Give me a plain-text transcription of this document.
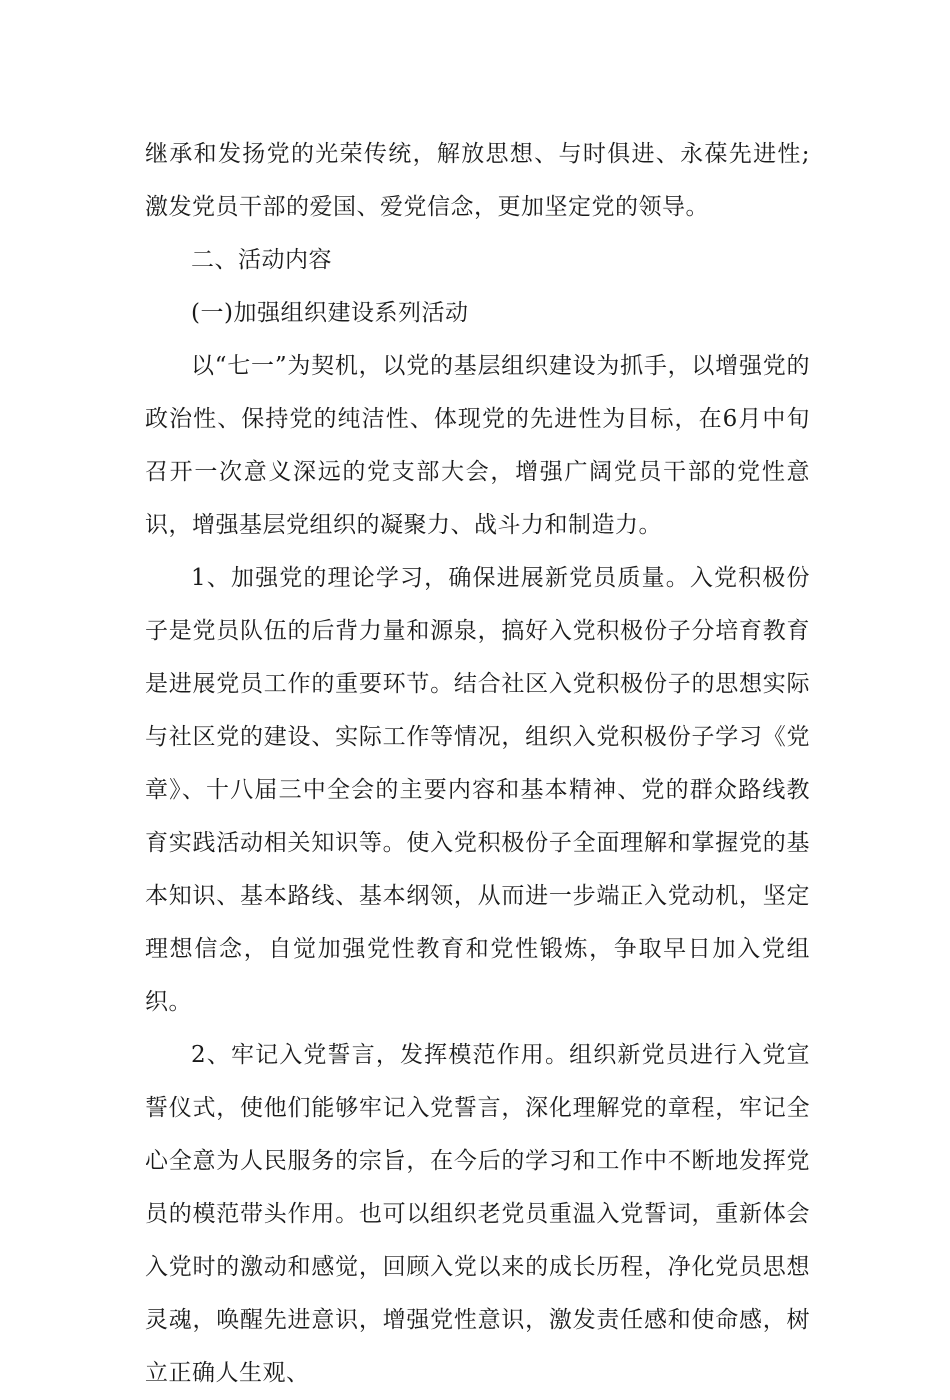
继承和发扬党的光荣传统，解放思想、与时俱进、永葆先进性;激发党员干部的爱国、爱党信念，更加坚定党的领导。

二、活动内容

(一)加强组织建设系列活动

以“七一”为契机，以党的基层组织建设为抓手，以增强党的政治性、保持党的纯洁性、体现党的先进性为目标，在6月中旬召开一次意义深远的党支部大会，增强广阔党员干部的党性意识，增强基层党组织的凝聚力、战斗力和制造力。

1、加强党的理论学习，确保进展新党员质量。入党积极份子是党员队伍的后背力量和源泉，搞好入党积极份子分培育教育是进展党员工作的重要环节。结合社区入党积极份子的思想实际与社区党的建设、实际工作等情况，组织入党积极份子学习《党章》、十八届三中全会的主要内容和基本精神、党的群众路线教育实践活动相关知识等。使入党积极份子全面理解和掌握党的基本知识、基本路线、基本纲领，从而进一步端正入党动机，坚定理想信念，自觉加强党性教育和党性锻炼，争取早日加入党组织。

2、牢记入党誓言，发挥模范作用。组织新党员进行入党宣誓仪式，使他们能够牢记入党誓言，深化理解党的章程，牢记全心全意为人民服务的宗旨，在今后的学习和工作中不断地发挥党员的模范带头作用。也可以组织老党员重温入党誓词，重新体会入党时的激动和感觉，回顾入党以来的成长历程，净化党员思想灵魂，唤醒先进意识，增强党性意识，激发责任感和使命感，树立正确人生观、
